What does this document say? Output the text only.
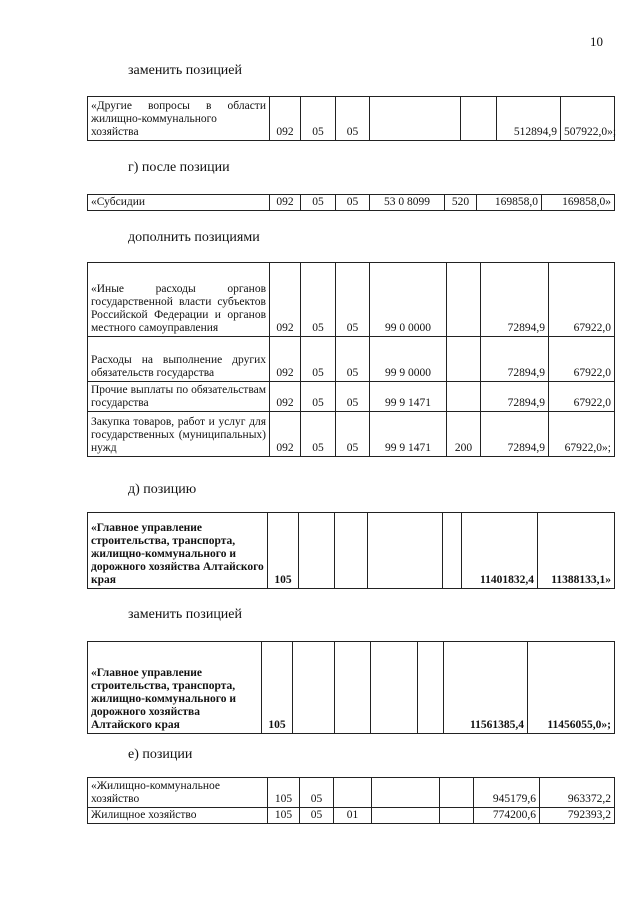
10
заменить позицией
«Другие вопросы в области жилищно-коммунального хозяйства	092	05	05			512894,9	507922,0»;
г) после позиции
«Субсидии	092	05	05	53 0 8099	520	169858,0	169858,0»
дополнить позициями
«Иные расходы органов государственной власти субъектов Российской Федерации и органов местного самоуправления	092	05	05	99 0 0000		72894,9	67922,0
Расходы на выполнение других обязательств государства	092	05	05	99 9 0000		72894,9	67922,0
Прочие выплаты по обязательствам государства	092	05	05	99 9 1471		72894,9	67922,0
Закупка товаров, работ и услуг для государственных (муниципальных) нужд	092	05	05	99 9 1471	200	72894,9	67922,0»;
д) позицию
«Главное управление строительства, транспорта, жилищно-коммунального и дорожного хозяйства Алтайского края	105					11401832,4	11388133,1»
заменить позицией
«Главное управление строительства, транспорта, жилищно-коммунального и дорожного хозяйства Алтайского края	105					11561385,4	11456055,0»;
е) позиции
«Жилищно-коммунальное хозяйство	105	05				945179,6	963372,2
Жилищное хозяйство	105	05	01			774200,6	792393,2
